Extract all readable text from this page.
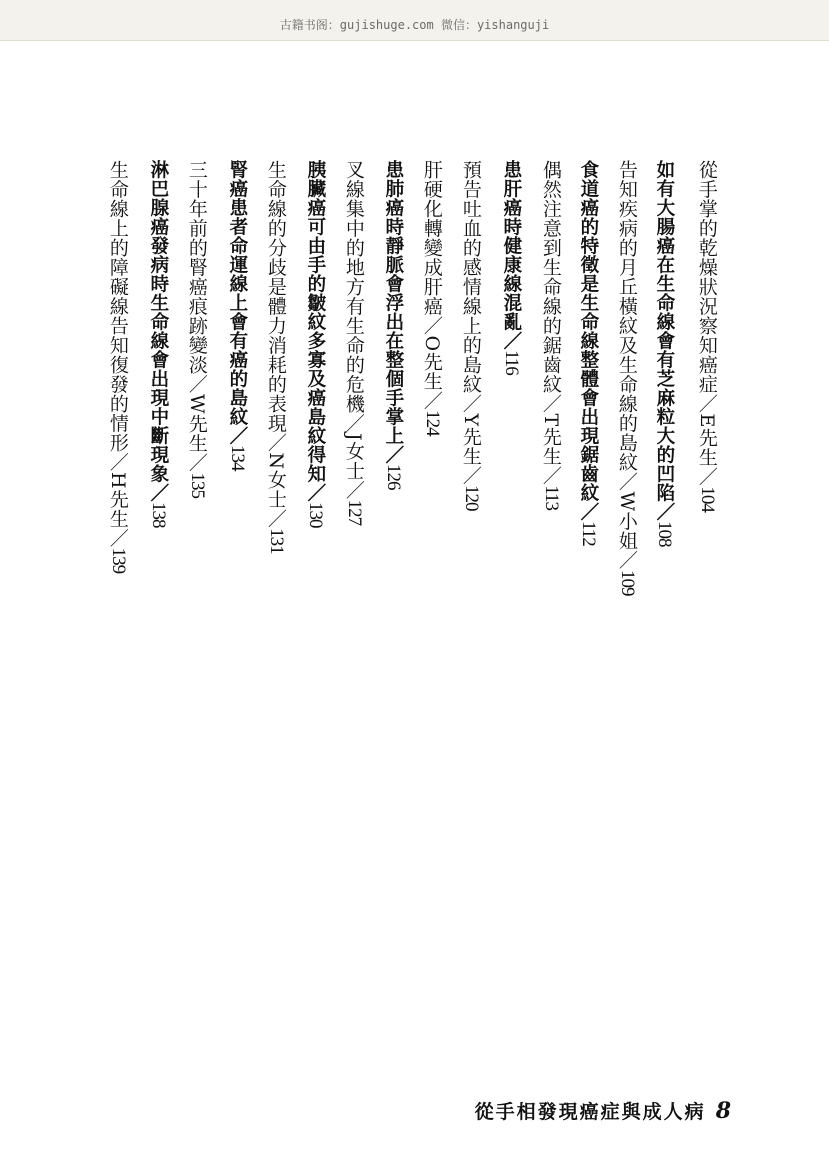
古籍书阁：gujishuge.com 微信：yishanguji
從手掌的乾燥狀況察知癌症／E先生／104
如有大腸癌在生命線會有芝麻粒大的凹陷／108
告知疾病的月丘橫紋及生命線的島紋／W小姐／109
食道癌的特徵是生命線整體會出現鋸齒紋／112
偶然注意到生命線的鋸齒紋／T先生／113
患肝癌時健康線混亂／116
預告吐血的感情線上的島紋／Y先生／120
肝硬化轉變成肝癌／O先生／124
患肺癌時靜脈會浮出在整個手掌上／126
叉線集中的地方有生命的危機／J女士／127
胰臟癌可由手的皺紋多寡及癌島紋得知／130
生命線的分歧是體力消耗的表現／N女士／131
腎癌患者命運線上會有癌的島紋／134
三十年前的腎癌痕跡變淡／W先生／135
淋巴腺癌發病時生命線會出現中斷現象／138
生命線上的障礙線告知復發的情形／H先生／139
從手相發現癌症與成人病 8
